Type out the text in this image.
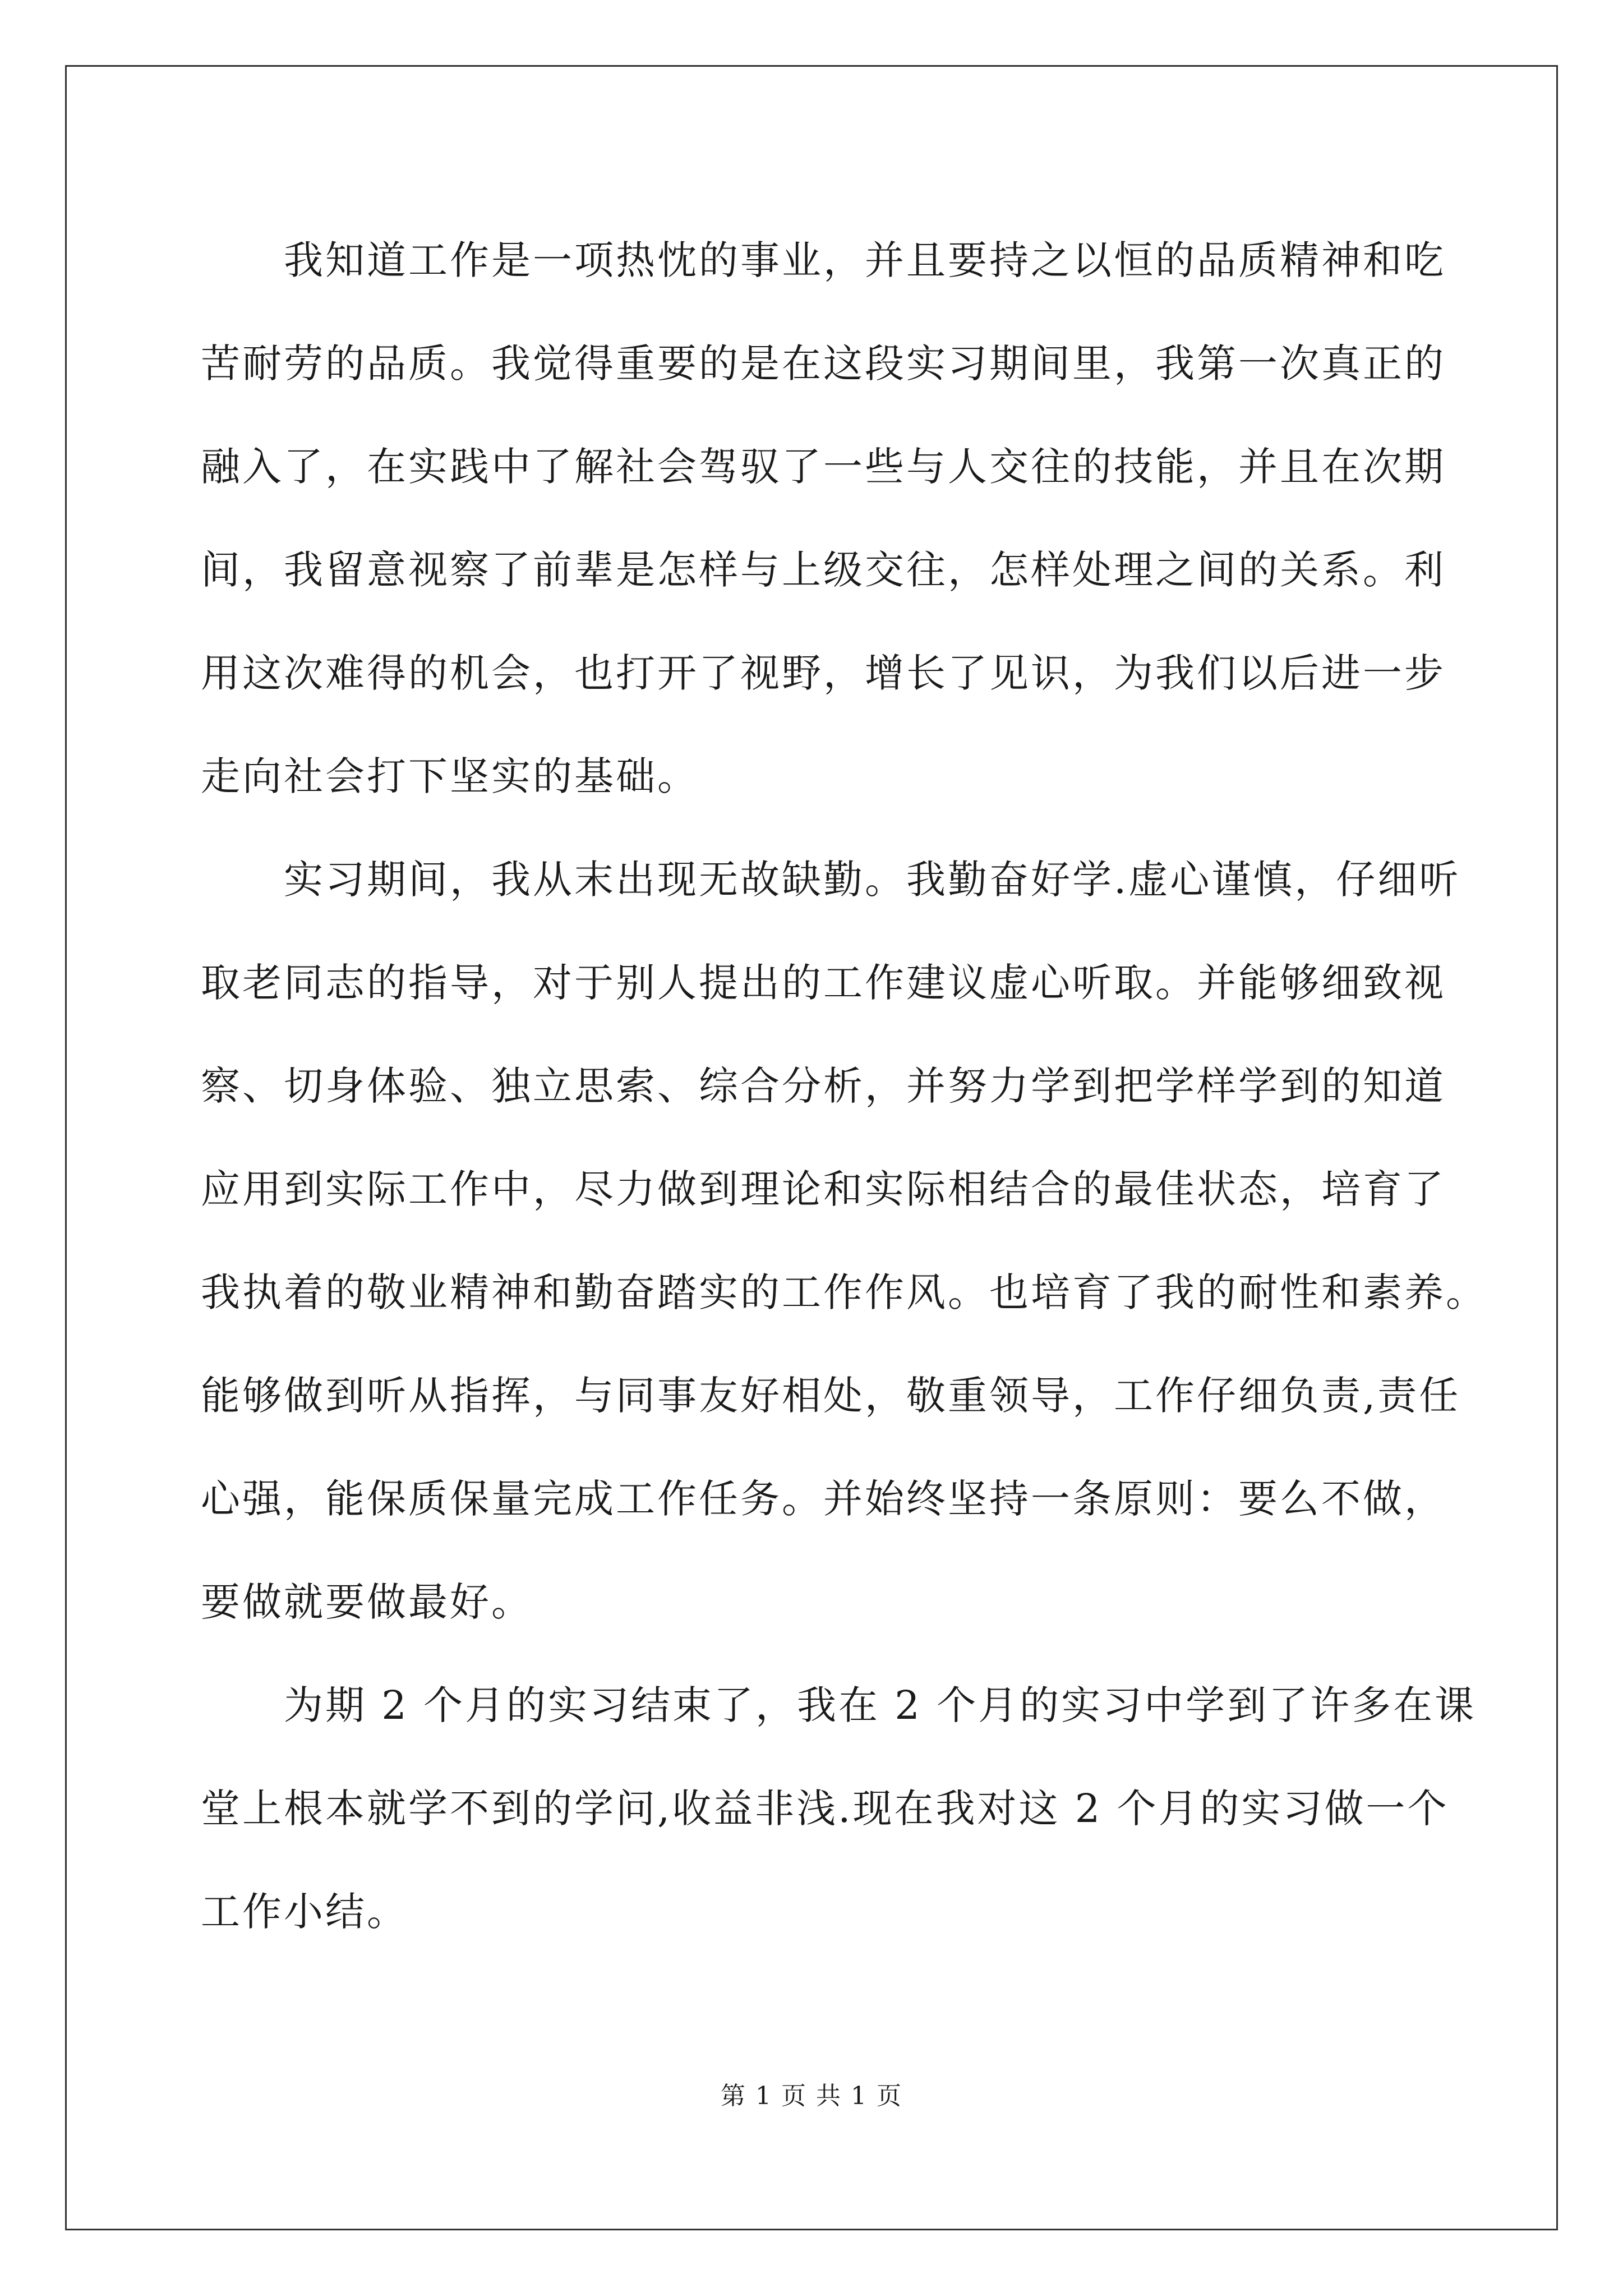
我知道工作是一项热忱的事业，并且要持之以恒的品质精神和吃
苦耐劳的品质。我觉得重要的是在这段实习期间里，我第一次真正的
融入了，在实践中了解社会驾驭了一些与人交往的技能，并且在次期
间，我留意视察了前辈是怎样与上级交往，怎样处理之间的关系。利
用这次难得的机会，也打开了视野，增长了见识，为我们以后进一步
走向社会打下坚实的基础。
实习期间，我从末出现无故缺勤。我勤奋好学.虚心谨慎，仔细听
取老同志的指导，对于别人提出的工作建议虚心听取。并能够细致视
察、切身体验、独立思索、综合分析，并努力学到把学样学到的知道
应用到实际工作中，尽力做到理论和实际相结合的最佳状态，培育了
我执着的敬业精神和勤奋踏实的工作作风。也培育了我的耐性和素养。
能够做到听从指挥，与同事友好相处，敬重领导，工作仔细负责,责任
心强，能保质保量完成工作任务。并始终坚持一条原则：要么不做，
要做就要做最好。
为期 2 个月的实习结束了，我在 2 个月的实习中学到了许多在课
堂上根本就学不到的学问,收益非浅.现在我对这 2 个月的实习做一个
工作小结。
第 1 页 共 1 页
